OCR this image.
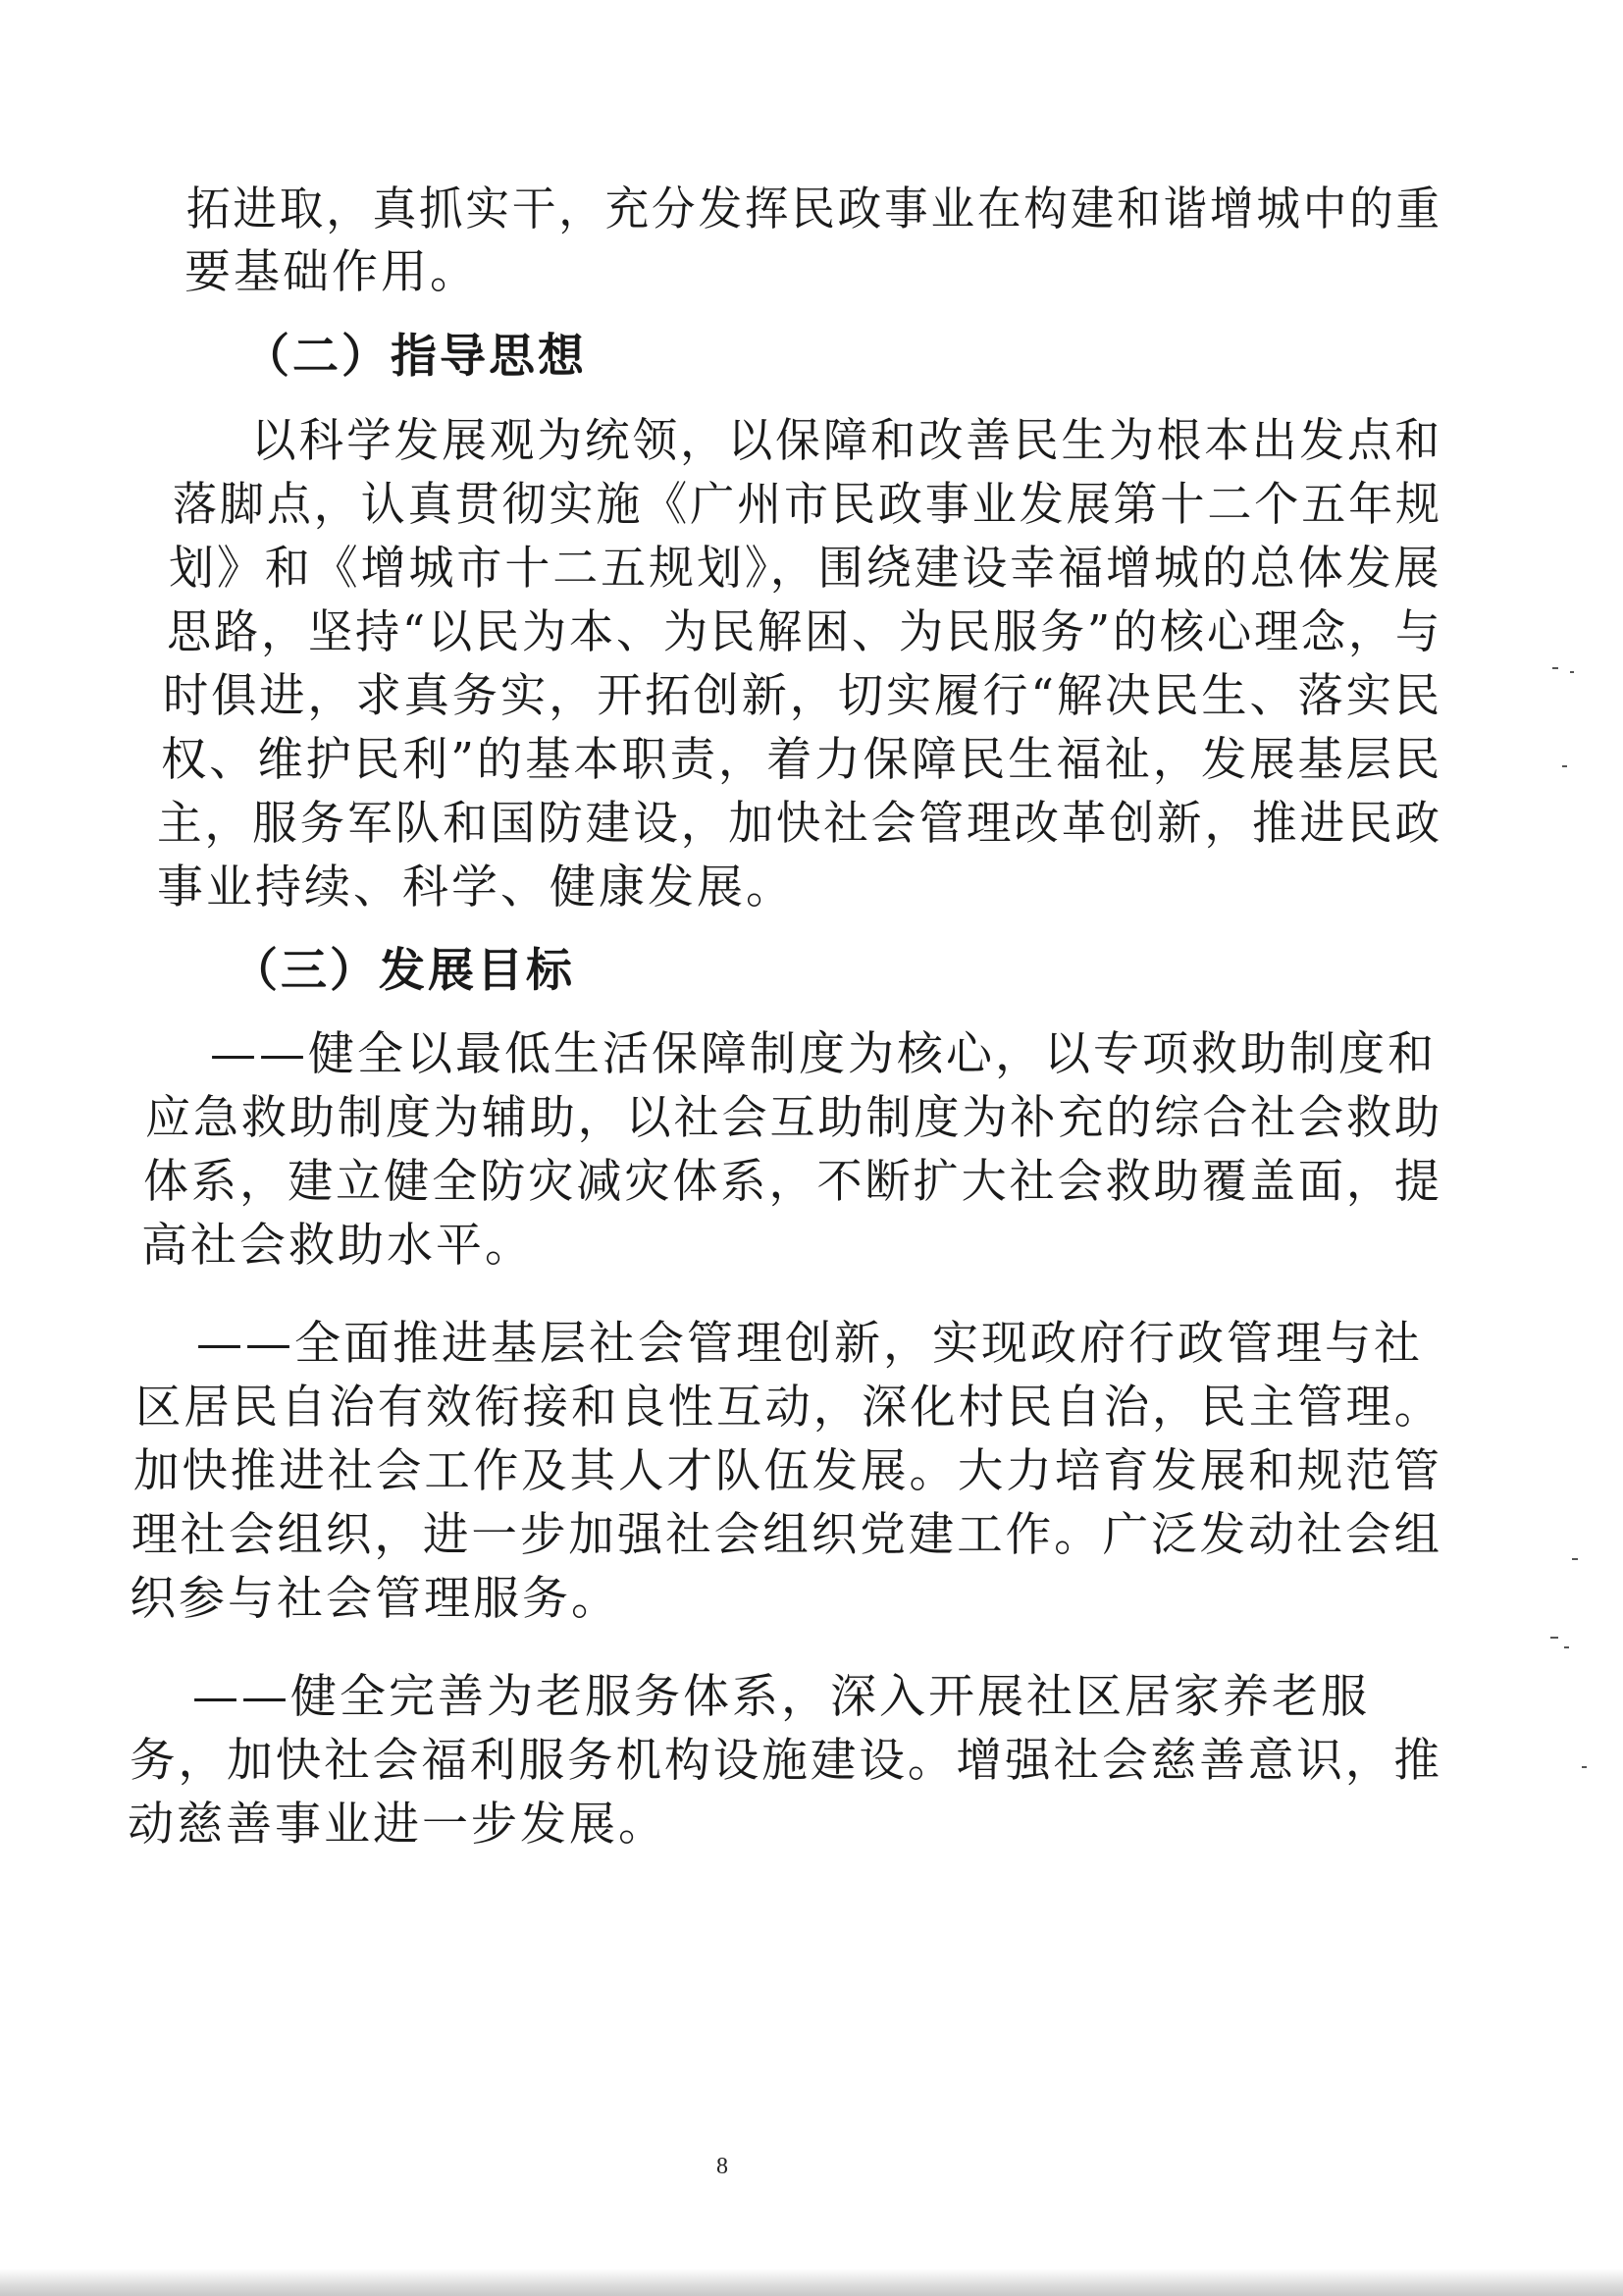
拓进取，真抓实干，充分发挥民政事业在构建和谐增城中的重
要基础作用。
（二）指导思想
以科学发展观为统领，以保障和改善民生为根本出发点和
落脚点，认真贯彻实施《广州市民政事业发展第十二个五年规
划》和《增城市十二五规划》，围绕建设幸福增城的总体发展
思路，坚持“以民为本、为民解困、为民服务”的核心理念，与
时俱进，求真务实，开拓创新，切实履行“解决民生、落实民
权、维护民利”的基本职责，着力保障民生福祉，发展基层民
主，服务军队和国防建设，加快社会管理改革创新，推进民政
事业持续、科学、健康发展。
（三）发展目标
——健全以最低生活保障制度为核心，以专项救助制度和
应急救助制度为辅助，以社会互助制度为补充的综合社会救助
体系，建立健全防灾减灾体系，不断扩大社会救助覆盖面，提
高社会救助水平。
——全面推进基层社会管理创新，实现政府行政管理与社
区居民自治有效衔接和良性互动，深化村民自治，民主管理。
加快推进社会工作及其人才队伍发展。大力培育发展和规范管
理社会组织，进一步加强社会组织党建工作。广泛发动社会组
织参与社会管理服务。
——健全完善为老服务体系，深入开展社区居家养老服
务，加快社会福利服务机构设施建设。增强社会慈善意识，推
动慈善事业进一步发展。
8
